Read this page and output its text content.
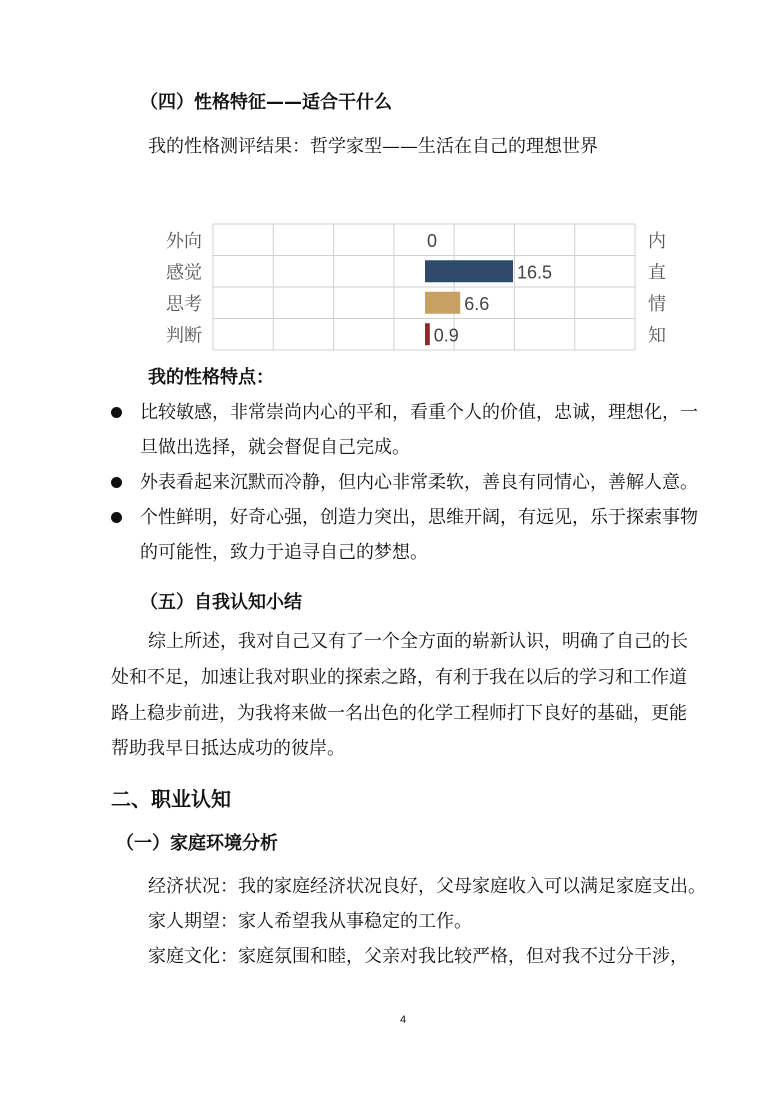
（四）性格特征——适合干什么
我的性格测评结果：哲学家型——生活在自己的理想世界
外向	内
0
感觉	直
16.5
思考	情
6.6
判断	知
0.9
我的性格特点：
比较敏感，非常崇尚内心的平和，看重个人的价值，忠诚，理想化，一
旦做出选择，就会督促自己完成。
外表看起来沉默而冷静，但内心非常柔软，善良有同情心，善解人意。
个性鲜明，好奇心强，创造力突出，思维开阔，有远见，乐于探索事物
的可能性，致力于追寻自己的梦想。
（五）自我认知小结
综上所述，我对自己又有了一个全方面的崭新认识，明确了自己的长
处和不足，加速让我对职业的探索之路，有利于我在以后的学习和工作道
路上稳步前进，为我将来做一名出色的化学工程师打下良好的基础，更能
帮助我早日抵达成功的彼岸。
二、职业认知
（一）家庭环境分析
经济状况：我的家庭经济状况良好，父母家庭收入可以满足家庭支出。
家人期望：家人希望我从事稳定的工作。
家庭文化：家庭氛围和睦，父亲对我比较严格，但对我不过分干涉，
4
